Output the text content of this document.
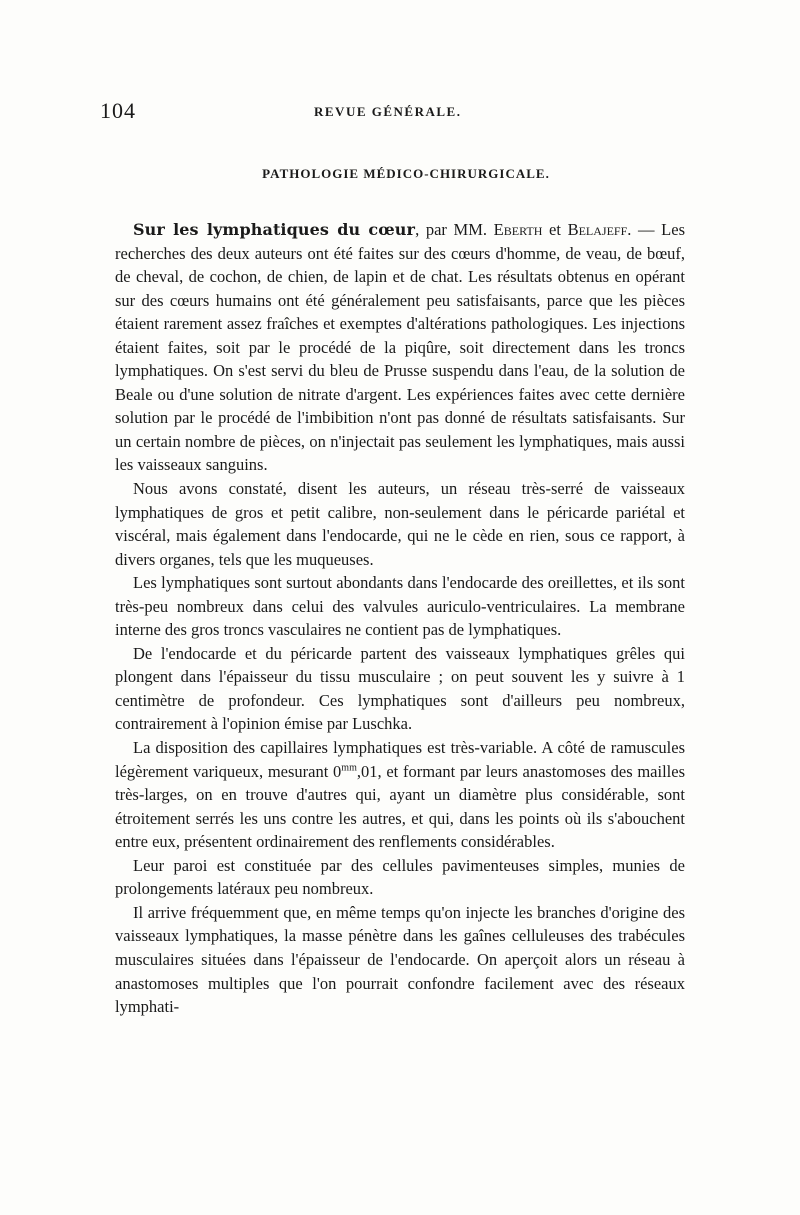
104	REVUE GÉNÉRALE.
PATHOLOGIE MÉDICO-CHIRURGICALE.

Sur les lymphatiques du cœur, par MM. Eberth et Belajeff. — Les recherches des deux auteurs ont été faites sur des cœurs d'homme, de veau, de bœuf, de cheval, de cochon, de chien, de lapin et de chat. Les résultats obtenus en opérant sur des cœurs humains ont été généralement peu satisfaisants, parce que les pièces étaient rarement assez fraîches et exemptes d'altérations pathologiques. Les injections étaient faites, soit par le procédé de la piqûre, soit directement dans les troncs lymphatiques. On s'est servi du bleu de Prusse suspendu dans l'eau, de la solution de Beale ou d'une solution de nitrate d'argent. Les expériences faites avec cette dernière solution par le procédé de l'imbibition n'ont pas donné de résultats satisfaisants. Sur un certain nombre de pièces, on n'injectait pas seulement les lymphatiques, mais aussi les vaisseaux sanguins.

Nous avons constaté, disent les auteurs, un réseau très-serré de vaisseaux lymphatiques de gros et petit calibre, non-seulement dans le péricarde pariétal et viscéral, mais également dans l'endocarde, qui ne le cède en rien, sous ce rapport, à divers organes, tels que les muqueuses.

Les lymphatiques sont surtout abondants dans l'endocarde des oreillettes, et ils sont très-peu nombreux dans celui des valvules auriculo-ventriculaires. La membrane interne des gros troncs vasculaires ne contient pas de lymphatiques.

De l'endocarde et du péricarde partent des vaisseaux lymphatiques grêles qui plongent dans l'épaisseur du tissu musculaire ; on peut souvent les y suivre à 1 centimètre de profondeur. Ces lymphatiques sont d'ailleurs peu nombreux, contrairement à l'opinion émise par Luschka.

La disposition des capillaires lymphatiques est très-variable. A côté de ramuscules légèrement variqueux, mesurant $0^{mm},01$, et formant par leurs anastomoses des mailles très-larges, on en trouve d'autres qui, ayant un diamètre plus considérable, sont étroitement serrés les uns contre les autres, et qui, dans les points où ils s'abouchent entre eux, présentent ordinairement des renflements considérables.

Leur paroi est constituée par des cellules pavimenteuses simples, munies de prolongements latéraux peu nombreux.

Il arrive fréquemment que, en même temps qu'on injecte les branches d'origine des vaisseaux lymphatiques, la masse pénètre dans les gaînes celluleuses des trabécules musculaires situées dans l'épaisseur de l'endocarde. On aperçoit alors un réseau à anastomoses multiples que l'on pourrait confondre facilement avec des réseaux lymphati-
